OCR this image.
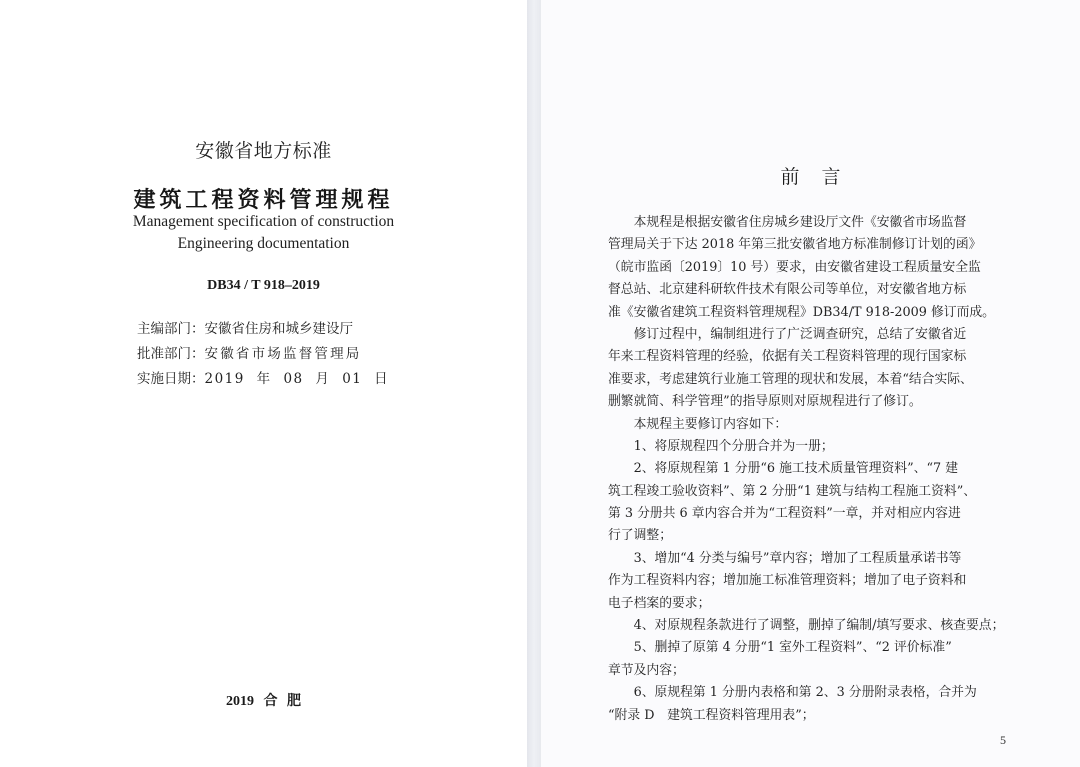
安徽省地方标准
建筑工程资料管理规程
Management specification of construction
Engineering documentation
DB34 / T 918–2019
主编部门：安徽省住房和城乡建设厅
批准部门：安徽省市场监督管理局
实施日期：2019 年 08 月 01 日
2019 合 肥
前言
　　本规程是根据安徽省住房城乡建设厅文件《安徽省市场监督
管理局关于下达 2018 年第三批安徽省地方标准制修订计划的函》
（皖市监函〔2019〕10 号）要求，由安徽省建设工程质量安全监
督总站、北京建科研软件技术有限公司等单位，对安徽省地方标
准《安徽省建筑工程资料管理规程》DB34/T 918-2009 修订而成。
　　修订过程中，编制组进行了广泛调查研究，总结了安徽省近
年来工程资料管理的经验，依据有关工程资料管理的现行国家标
准要求，考虑建筑行业施工管理的现状和发展，本着“结合实际、
删繁就简、科学管理”的指导原则对原规程进行了修订。
　　本规程主要修订内容如下：
　　1、将原规程四个分册合并为一册；
　　2、将原规程第 1 分册“6 施工技术质量管理资料”、“7 建
筑工程竣工验收资料”、第 2 分册“1 建筑与结构工程施工资料”、
第 3 分册共 6 章内容合并为“工程资料”一章，并对相应内容进
行了调整；
　　3、增加“4 分类与编号”章内容；增加了工程质量承诺书等
作为工程资料内容；增加施工标准管理资料；增加了电子资料和
电子档案的要求；
　　4、对原规程条款进行了调整，删掉了编制/填写要求、核查要点；
　　5、删掉了原第 4 分册“1 室外工程资料”、“2 评价标准”
章节及内容；
　　6、原规程第 1 分册内表格和第 2、3 分册附录表格，合并为
“附录 D　建筑工程资料管理用表”；
5
